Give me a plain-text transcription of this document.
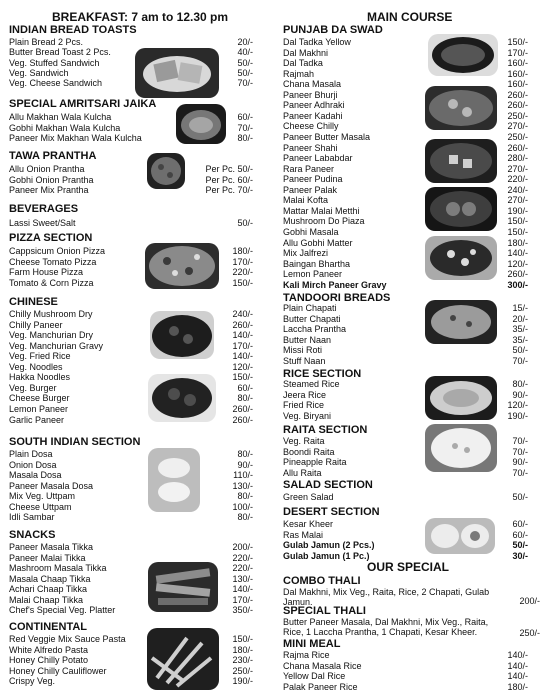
BREAKFAST: 7 am to 12.30 pm
INDIAN BREAD TOASTS
Plain Bread 2 Pcs.	20/-
Butter Bread Toast 2 Pcs.	40/-
Veg. Stuffed Sandwich	50/-
Veg. Sandwich	50/-
Veg. Cheese Sandwich	70/-
SPECIAL AMRITSARI JAIKA
Allu Makhan Wala Kulcha	60/-
Gobhi Makhan Wala Kulcha	70/-
Paneer Mix Makhan Wala Kulcha	80/-
TAWA PRANTHA
Allu Onion Prantha	Per Pc. 50/-
Gobhi Onion Prantha	Per Pc. 60/-
Paneer Mix Prantha	Per Pc. 70/-
BEVERAGES
Lassi Sweet/Salt	50/-
PIZZA SECTION
Cappsicum Onion Pizza	180/-
Cheese Tomato Pizza	170/-
Farm House Pizza	220/-
Tomato & Corn Pizza	150/-
CHINESE
Chilly Mushroom Dry	240/-
Chilly Paneer	260/-
Veg. Manchurian Dry	140/-
Veg. Manchurian Gravy	170/-
Veg. Fried Rice	140/-
Veg. Noodles	120/-
Hakka Noodles	150/-
Veg. Burger	60/-
Cheese Burger	80/-
Lemon Paneer	260/-
Garlic Paneer	260/-
SOUTH INDIAN SECTION
Plain Dosa	80/-
Onion Dosa	90/-
Masala Dosa	110/-
Paneer Masala Dosa	130/-
Mix Veg. Uttpam	80/-
Cheese Uttpam	100/-
Idli Sambar	80/-
SNACKS
Paneer Masala Tikka	200/-
Paneer Malai Tikka	220/-
Mashroom Masala Tikka	220/-
Masala Chaap Tikka	130/-
Achari Chaap Tikka	140/-
Malai Chaap Tikka	170/-
Chef's Special Veg. Platter	350/-
CONTINENTAL
Red Veggie Mix Sauce Pasta	150/-
White Alfredo Pasta	180/-
Honey Chilly Potato	230/-
Honey Chilly Cauliflower	250/-
Crispy Veg.	190/-
MAIN COURSE
PUNJAB DA SWAD
Dal Tadka Yellow	150/-
Dal Makhni	170/-
Dal Tadka	160/-
Rajmah	160/-
Chana Masala	160/-
Paneer Bhurji	260/-
Paneer Adhraki	260/-
Paneer Kadahi	250/-
Cheese Chilly	270/-
Paneer Butter Masala	250/-
Paneer Shahi	260/-
Paneer Lababdar	280/-
Rara Paneer	270/-
Paneer Pudina	220/-
Paneer Palak	240/-
Malai Kofta	270/-
Mattar Malai Metthi	190/-
Mushroom Do Piaza	150/-
Gobhi Masala	150/-
Allu Gobhi Matter	180/-
Mix Jalfrezi	140/-
Baingan Bhartha	120/-
Lemon Paneer	260/-
Kali Mirch Paneer Gravy	300/-
TANDOORI BREADS
Plain Chapati	15/-
Butter Chapati	20/-
Laccha Prantha	35/-
Butter Naan	35/-
Missi Roti	50/-
Stuff Naan	70/-
RICE SECTION
Steamed Rice	80/-
Jeera Rice	90/-
Fried Rice	120/-
Veg. Biryani	190/-
RAITA SECTION
Veg. Raita	70/-
Boondi Raita	70/-
Pineapple Raita	90/-
Allu Raita	70/-
SALAD SECTION
Green Salad	50/-
DESERT SECTION
Kesar Kheer	60/-
Ras Malai	60/-
Gulab Jamun (2 Pcs.)	50/-
Gulab Jamun (1 Pc.)	30/-
OUR SPECIAL
COMBO THALI
Dal Makhni, Mix Veg., Raita, Rice, 2 Chapati, Gulab Jamun.	200/-
SPECIAL THALI
Butter Paneer Masala, Dal Makhni, Mix Veg., Raita, Rice, 1 Laccha Prantha, 1 Chapati, Kesar Kheer.	250/-
MINI MEAL
Rajma Rice	140/-
Chana Masala Rice	140/-
Yellow Dal Rice	140/-
Palak Paneer Rice	180/-
